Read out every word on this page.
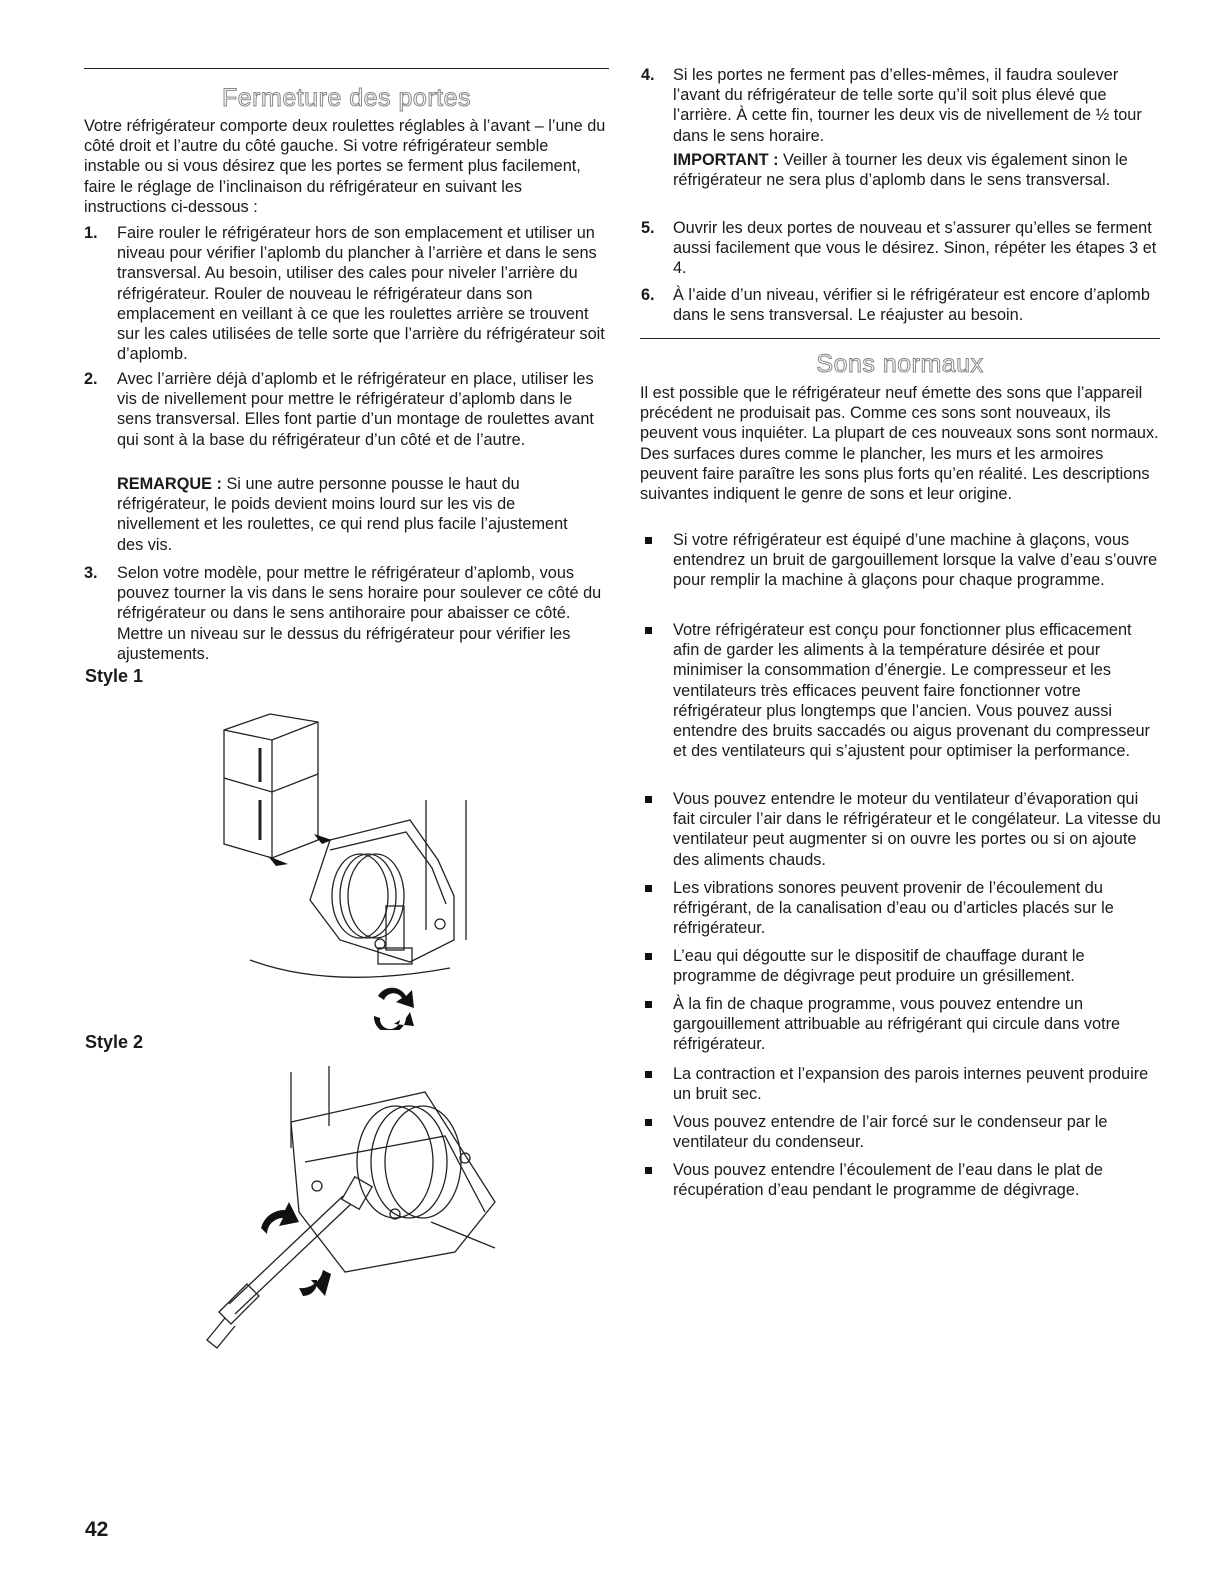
Fermeture des portes

Votre réfrigérateur comporte deux roulettes réglables à l’avant – l’une du côté droit et l’autre du côté gauche. Si votre réfrigérateur semble instable ou si vous désirez que les portes se ferment plus facilement, faire le réglage de l’inclinaison du réfrigérateur en suivant les instructions ci-dessous :

1. Faire rouler le réfrigérateur hors de son emplacement et utiliser un niveau pour vérifier l’aplomb du plancher à l’arrière et dans le sens transversal. Au besoin, utiliser des cales pour niveler l’arrière du réfrigérateur. Rouler de nouveau le réfrigérateur dans son emplacement en veillant à ce que les roulettes arrière se trouvent sur les cales utilisées de telle sorte que l’arrière du réfrigérateur soit d’aplomb.
2. Avec l’arrière déjà d’aplomb et le réfrigérateur en place, utiliser les vis de nivellement pour mettre le réfrigérateur d’aplomb dans le sens transversal. Elles font partie d’un montage de roulettes avant qui sont à la base du réfrigérateur d’un côté et de l’autre.
REMARQUE : Si une autre personne pousse le haut du réfrigérateur, le poids devient moins lourd sur les vis de nivellement et les roulettes, ce qui rend plus facile l’ajustement des vis.
3. Selon votre modèle, pour mettre le réfrigérateur d’aplomb, vous pouvez tourner la vis dans le sens horaire pour soulever ce côté du réfrigérateur ou dans le sens antihoraire pour abaisser ce côté. Mettre un niveau sur le dessus du réfrigérateur pour vérifier les ajustements.
Style 1
Style 2
42
4. Si les portes ne ferment pas d’elles-mêmes, il faudra soulever l’avant du réfrigérateur de telle sorte qu’il soit plus élevé que l’arrière. À cette fin, tourner les deux vis de nivellement de ½ tour dans le sens horaire.
IMPORTANT : Veiller à tourner les deux vis également sinon le réfrigérateur ne sera plus d’aplomb dans le sens transversal.
5. Ouvrir les deux portes de nouveau et s’assurer qu’elles se ferment aussi facilement que vous le désirez. Sinon, répéter les étapes 3 et 4.
6. À l’aide d’un niveau, vérifier si le réfrigérateur est encore d’aplomb dans le sens transversal. Le réajuster au besoin.
Sons normaux

Il est possible que le réfrigérateur neuf émette des sons que l’appareil précédent ne produisait pas. Comme ces sons sont nouveaux, ils peuvent vous inquiéter. La plupart de ces nouveaux sons sont normaux. Des surfaces dures comme le plancher, les murs et les armoires peuvent faire paraître les sons plus forts qu’en réalité. Les descriptions suivantes indiquent le genre de sons et leur origine.

Si votre réfrigérateur est équipé d’une machine à glaçons, vous entendrez un bruit de gargouillement lorsque la valve d’eau s’ouvre pour remplir la machine à glaçons pour chaque programme.
Votre réfrigérateur est conçu pour fonctionner plus efficacement afin de garder les aliments à la température désirée et pour minimiser la consommation d’énergie. Le compresseur et les ventilateurs très efficaces peuvent faire fonctionner votre réfrigérateur plus longtemps que l’ancien. Vous pouvez aussi entendre des bruits saccadés ou aigus provenant du compresseur et des ventilateurs qui s’ajustent pour optimiser la performance.
Vous pouvez entendre le moteur du ventilateur d’évaporation qui fait circuler l’air dans le réfrigérateur et le congélateur. La vitesse du ventilateur peut augmenter si on ouvre les portes ou si on ajoute des aliments chauds.
Les vibrations sonores peuvent provenir de l’écoulement du réfrigérant, de la canalisation d’eau ou d’articles placés sur le réfrigérateur.
L’eau qui dégoutte sur le dispositif de chauffage durant le programme de dégivrage peut produire un grésillement.
À la fin de chaque programme, vous pouvez entendre un gargouillement attribuable au réfrigérant qui circule dans votre réfrigérateur.
La contraction et l’expansion des parois internes peuvent produire un bruit sec.
Vous pouvez entendre de l’air forcé sur le condenseur par le ventilateur du condenseur.
Vous pouvez entendre l’écoulement de l’eau dans le plat de récupération d’eau pendant le programme de dégivrage.
